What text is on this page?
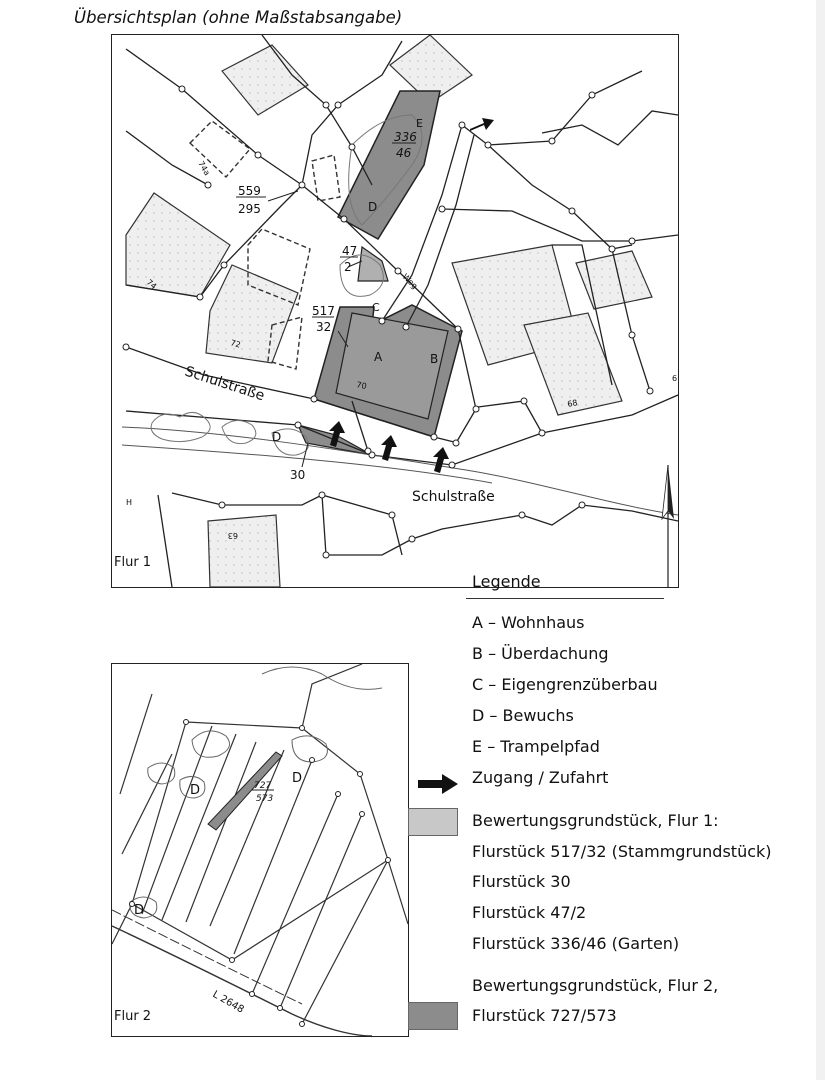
Übersichtsplan (ohne Maßstabsangabe)
559
295
336
46
47
2
517
32
30
D
E
C
A	B
D
Weg
74a
74
72
70
68
63
H
6
Schulstraße
Schulstraße
Flur 1
727
573
D
D
D
L 2648
Flur 2
Legende
A – Wohnhaus
B – Überdachung
C – Eigengrenzüberbau
D – Bewuchs
E – Trampelpfad
Zugang / Zufahrt
Bewertungsgrundstück, Flur 1:
Flurstück 517/32 (Stammgrundstück)
Flurstück 30
Flurstück 47/2
Flurstück 336/46 (Garten)
Bewertungsgrundstück, Flur 2,
Flurstück 727/573
